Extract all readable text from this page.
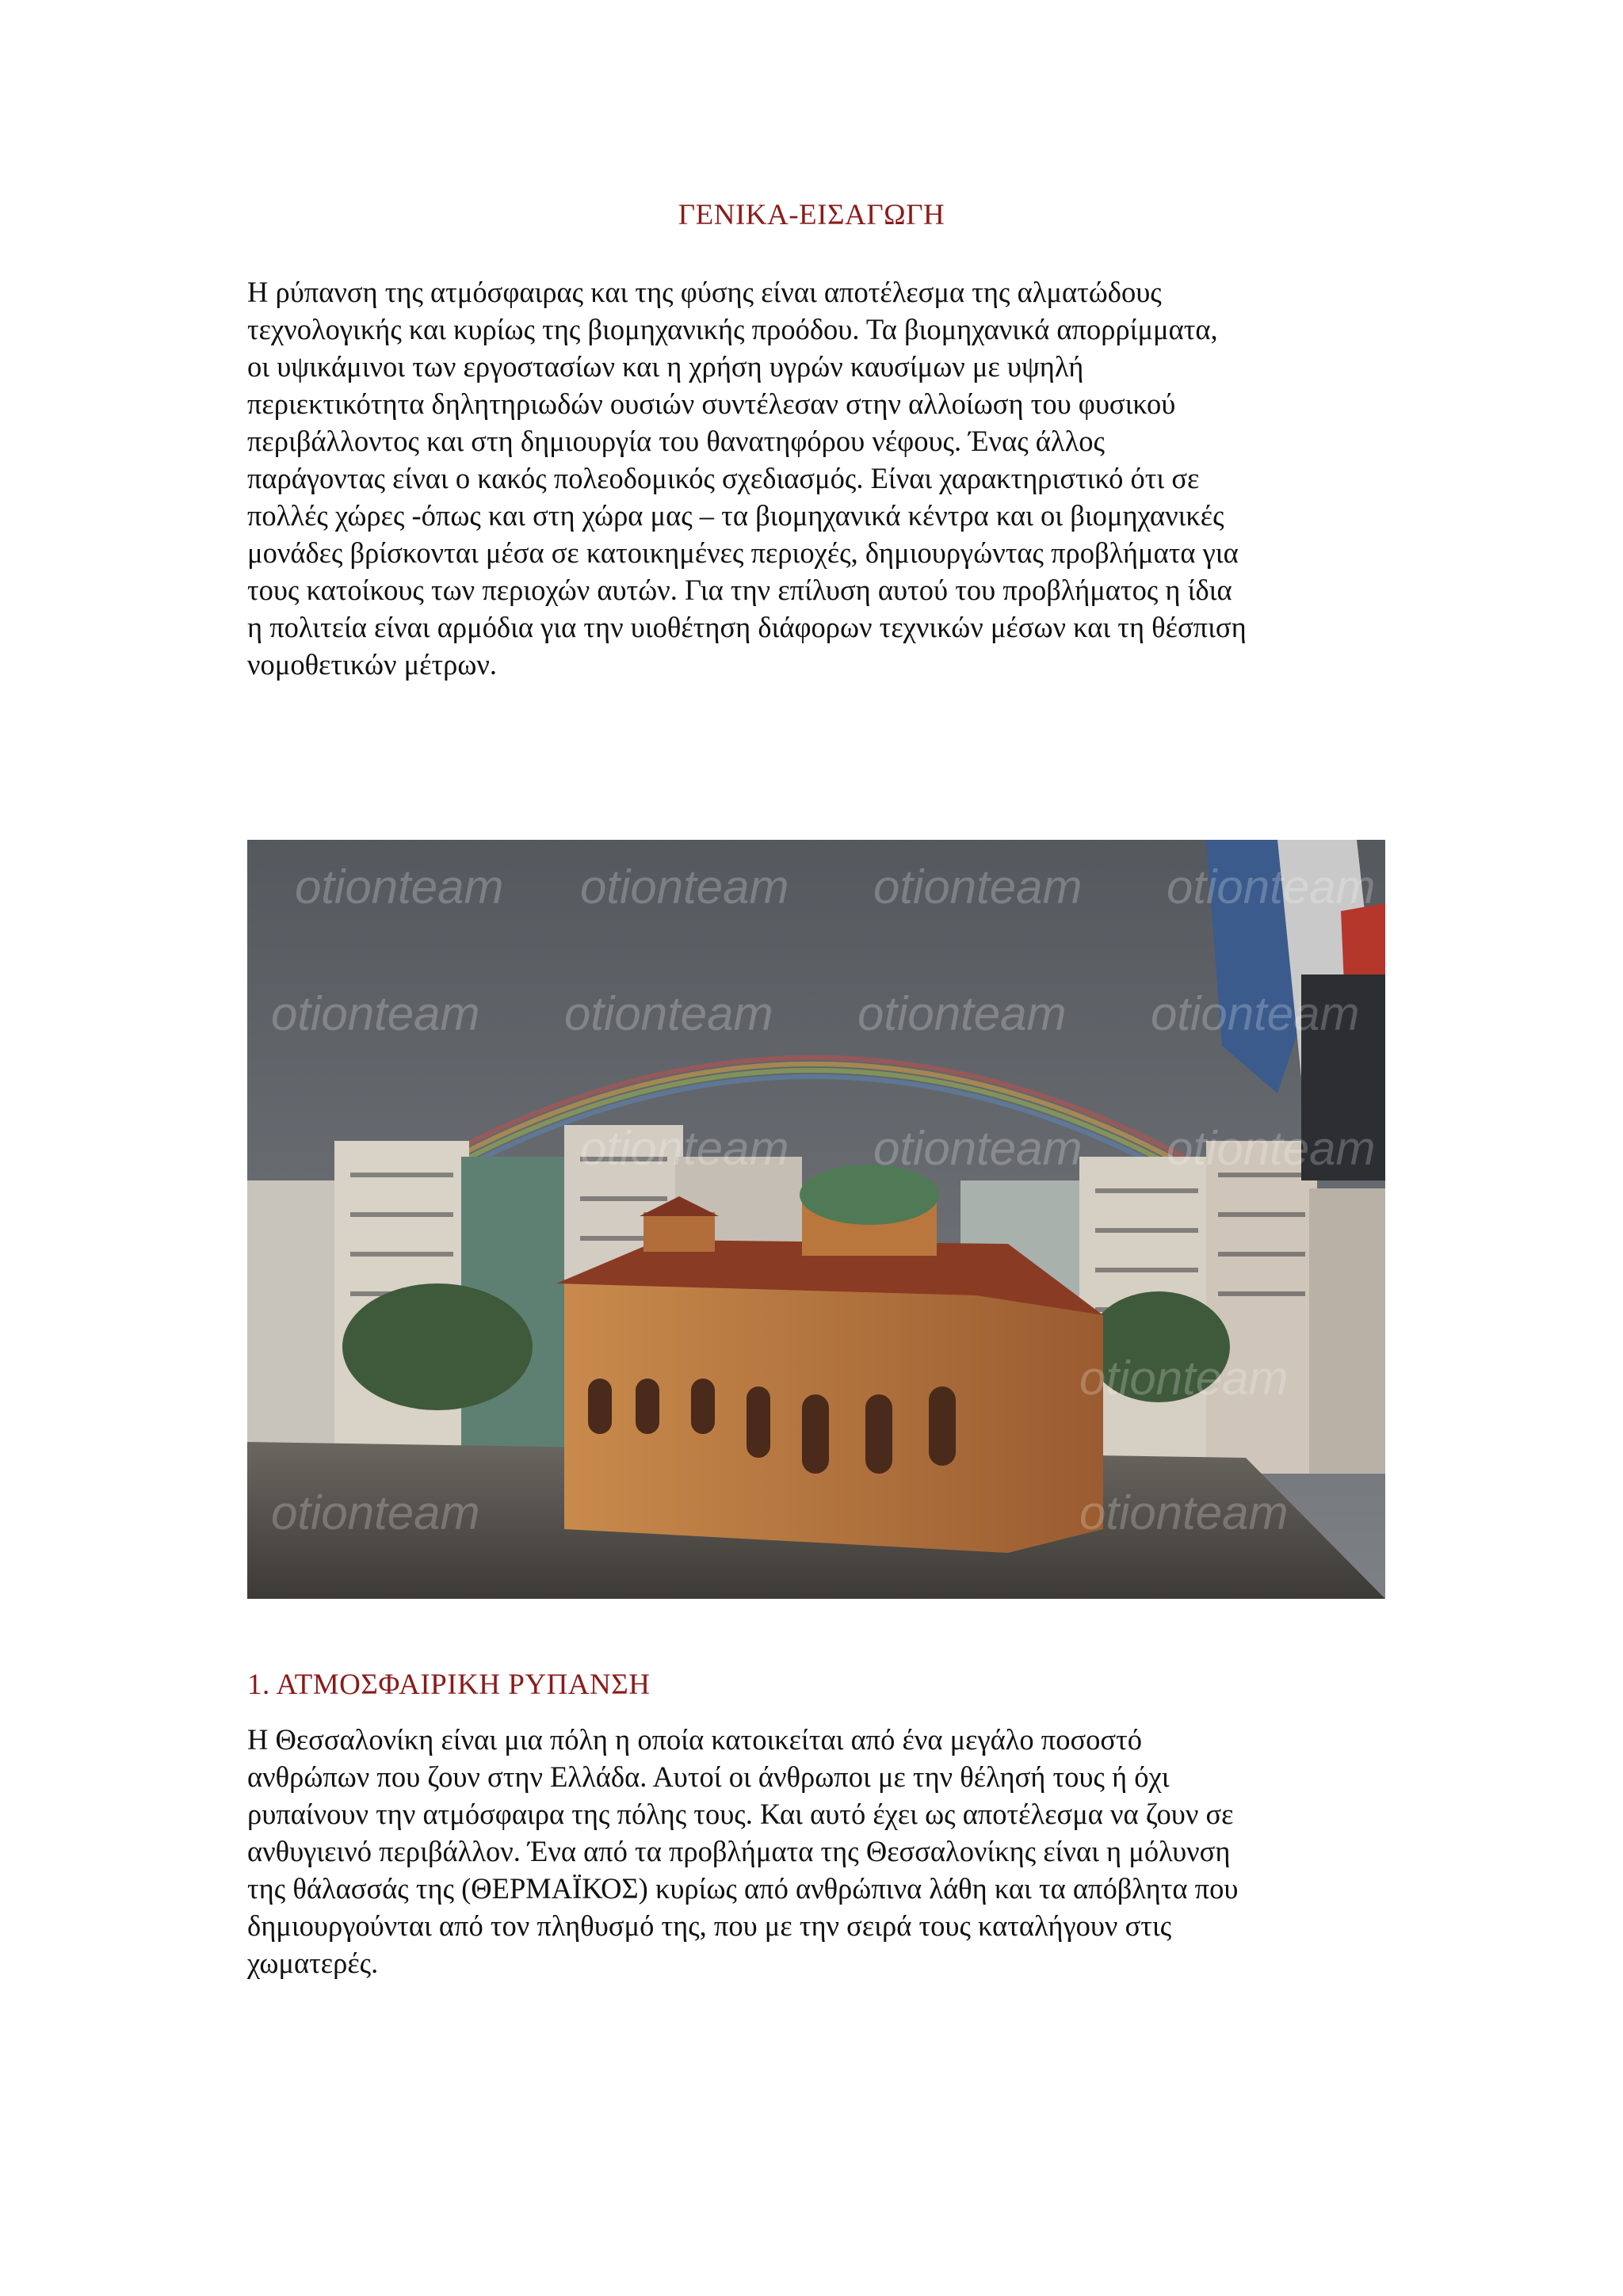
ΓΕΝΙΚΑ-ΕΙΣΑΓΩΓΗ
Η ρύπανση της ατμόσφαιρας και της φύσης είναι αποτέλεσμα της αλματώδους
τεχνολογικής και κυρίως της βιομηχανικής προόδου. Τα βιομηχανικά απορρίμματα,
οι υψικάμινοι των εργοστασίων και η χρήση υγρών καυσίμων με υψηλή
περιεκτικότητα δηλητηριωδών ουσιών συντέλεσαν στην αλλοίωση του φυσικού
περιβάλλοντος και στη δημιουργία του θανατηφόρου νέφους. Ένας άλλος
παράγοντας είναι ο κακός πολεοδομικός σχεδιασμός. Είναι χαρακτηριστικό ότι σε
πολλές χώρες -όπως και στη χώρα μας – τα βιομηχανικά κέντρα και οι βιομηχανικές
μονάδες βρίσκονται μέσα σε κατοικημένες περιοχές, δημιουργώντας προβλήματα για
τους κατοίκους των περιοχών αυτών. Για την επίλυση αυτού του προβλήματος η ίδια
η πολιτεία είναι αρμόδια για την υιοθέτηση διάφορων τεχνικών μέσων και τη θέσπιση
νομοθετικών μέτρων.
otionteam otionteam otionteam otionteam
otionteam otionteam otionteam otionteam
otionteam otionteam otionteam
otionteam
otionteam	otionteam
1. ΑΤΜΟΣΦΑΙΡΙΚΗ ΡΥΠΑΝΣΗ
Η Θεσσαλονίκη είναι μια πόλη η οποία κατοικείται από ένα μεγάλο ποσοστό
ανθρώπων που ζουν στην Ελλάδα. Αυτοί οι άνθρωποι με την θέλησή τους ή όχι
ρυπαίνουν την ατμόσφαιρα της πόλης τους. Και αυτό έχει ως αποτέλεσμα να ζουν σε
ανθυγιεινό περιβάλλον. Ένα από τα προβλήματα της Θεσσαλονίκης είναι η μόλυνση
της θάλασσάς της (ΘΕΡΜΑΪΚΟΣ) κυρίως από ανθρώπινα λάθη και τα απόβλητα που
δημιουργούνται από τον πληθυσμό της, που με την σειρά τους καταλήγουν στις
χωματερές.
